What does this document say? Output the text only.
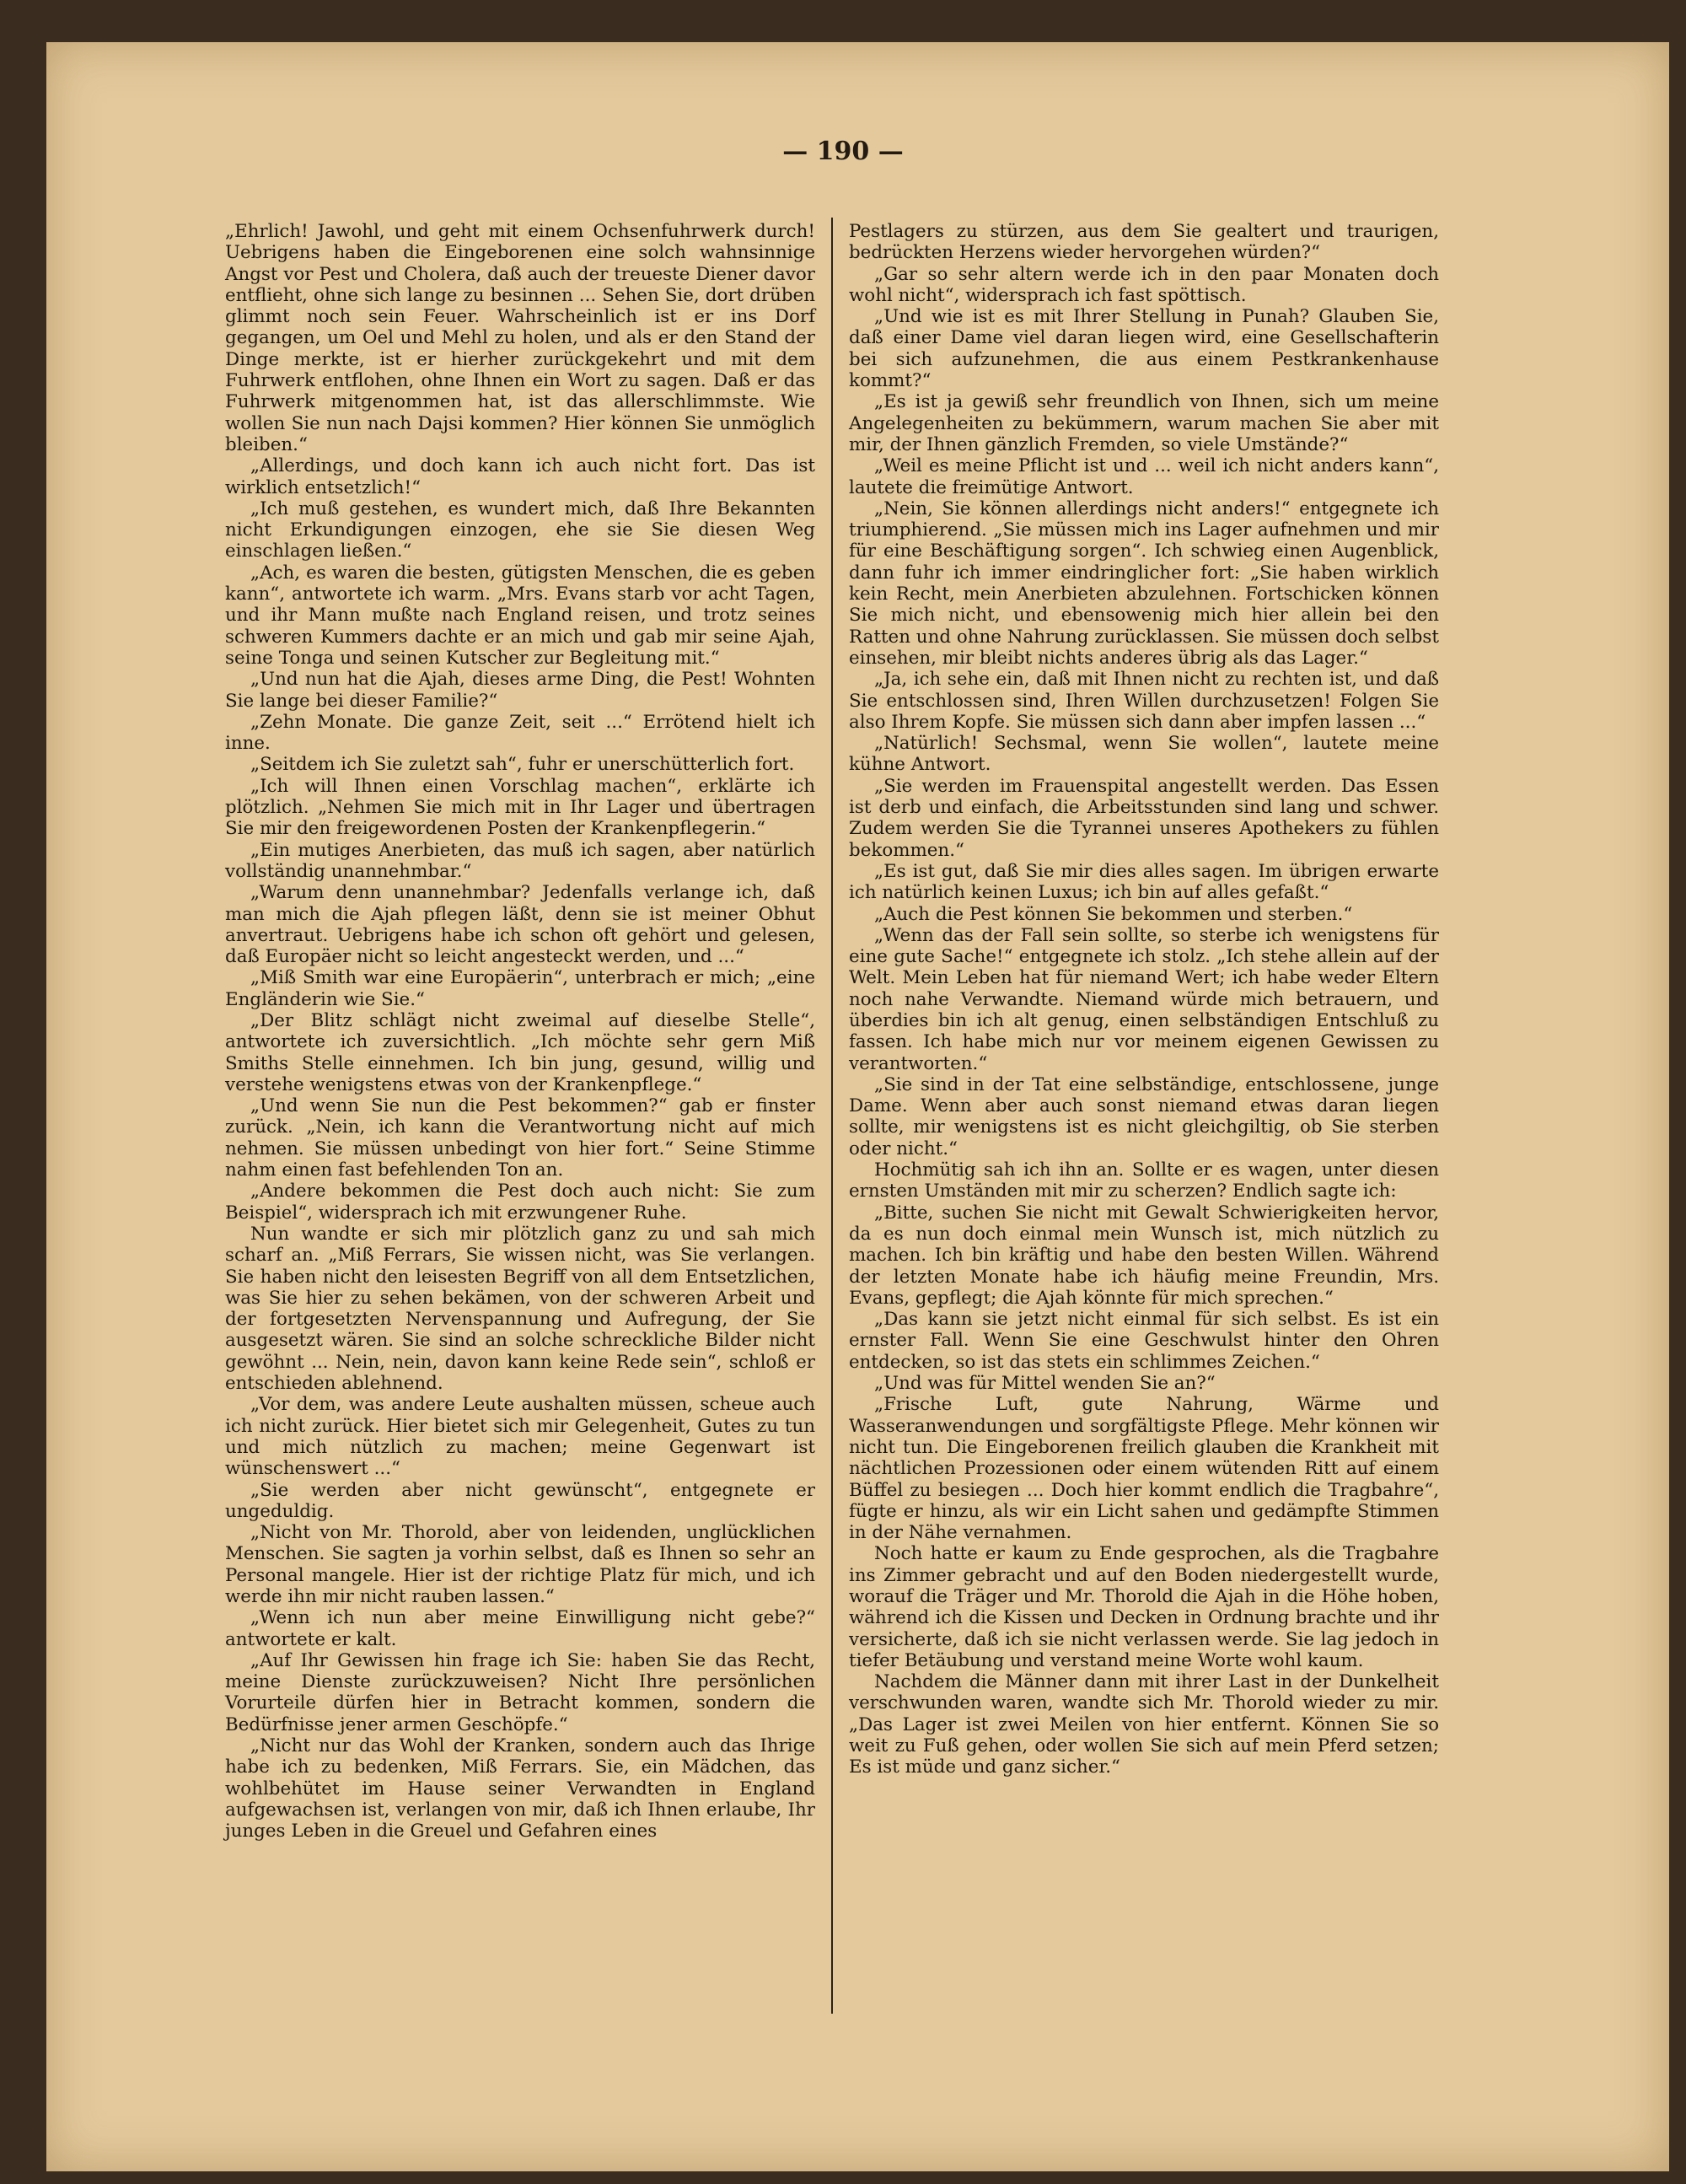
— 190 —

„Ehrlich! Jawohl, und geht mit einem Ochsenfuhrwerk durch! Uebrigens haben die Eingeborenen eine solch wahnsinnige Angst vor Pest und Cholera, daß auch der treueste Diener davor entflieht, ohne sich lange zu besinnen ... Sehen Sie, dort drüben glimmt noch sein Feuer. Wahrscheinlich ist er ins Dorf gegangen, um Oel und Mehl zu holen, und als er den Stand der Dinge merkte, ist er hierher zurückgekehrt und mit dem Fuhrwerk entflohen, ohne Ihnen ein Wort zu sagen. Daß er das Fuhrwerk mitgenommen hat, ist das allerschlimmste. Wie wollen Sie nun nach Dajsi kommen? Hier können Sie unmöglich bleiben.“

„Allerdings, und doch kann ich auch nicht fort. Das ist wirklich entsetzlich!“

„Ich muß gestehen, es wundert mich, daß Ihre Bekannten nicht Erkundigungen einzogen, ehe sie Sie diesen Weg einschlagen ließen.“

„Ach, es waren die besten, gütigsten Menschen, die es geben kann“, antwortete ich warm. „Mrs. Evans starb vor acht Tagen, und ihr Mann mußte nach England reisen, und trotz seines schweren Kummers dachte er an mich und gab mir seine Ajah, seine Tonga und seinen Kutscher zur Begleitung mit.“

„Und nun hat die Ajah, dieses arme Ding, die Pest! Wohnten Sie lange bei dieser Familie?“

„Zehn Monate. Die ganze Zeit, seit ...“ Errötend hielt ich inne.

„Seitdem ich Sie zuletzt sah“, fuhr er unerschütterlich fort.

„Ich will Ihnen einen Vorschlag machen“, erklärte ich plötzlich. „Nehmen Sie mich mit in Ihr Lager und übertragen Sie mir den freigewordenen Posten der Krankenpflegerin.“

„Ein mutiges Anerbieten, das muß ich sagen, aber natürlich vollständig unannehmbar.“

„Warum denn unannehmbar? Jedenfalls verlange ich, daß man mich die Ajah pflegen läßt, denn sie ist meiner Obhut anvertraut. Uebrigens habe ich schon oft gehört und gelesen, daß Europäer nicht so leicht angesteckt werden, und ...“

„Miß Smith war eine Europäerin“, unterbrach er mich; „eine Engländerin wie Sie.“

„Der Blitz schlägt nicht zweimal auf dieselbe Stelle“, antwortete ich zuversichtlich. „Ich möchte sehr gern Miß Smiths Stelle einnehmen. Ich bin jung, gesund, willig und verstehe wenigstens etwas von der Krankenpflege.“

„Und wenn Sie nun die Pest bekommen?“ gab er finster zurück. „Nein, ich kann die Verantwortung nicht auf mich nehmen. Sie müssen unbedingt von hier fort.“ Seine Stimme nahm einen fast befehlenden Ton an.

„Andere bekommen die Pest doch auch nicht: Sie zum Beispiel“, widersprach ich mit erzwungener Ruhe.

Nun wandte er sich mir plötzlich ganz zu und sah mich scharf an. „Miß Ferrars, Sie wissen nicht, was Sie verlangen. Sie haben nicht den leisesten Begriff von all dem Entsetzlichen, was Sie hier zu sehen bekämen, von der schweren Arbeit und der fortgesetzten Nervenspannung und Aufregung, der Sie ausgesetzt wären. Sie sind an solche schreckliche Bilder nicht gewöhnt ... Nein, nein, davon kann keine Rede sein“, schloß er entschieden ablehnend.

„Vor dem, was andere Leute aushalten müssen, scheue auch ich nicht zurück. Hier bietet sich mir Gelegenheit, Gutes zu tun und mich nützlich zu machen; meine Gegenwart ist wünschenswert ...“

„Sie werden aber nicht gewünscht“, entgegnete er ungeduldig.

„Nicht von Mr. Thorold, aber von leidenden, unglücklichen Menschen. Sie sagten ja vorhin selbst, daß es Ihnen so sehr an Personal mangele. Hier ist der richtige Platz für mich, und ich werde ihn mir nicht rauben lassen.“

„Wenn ich nun aber meine Einwilligung nicht gebe?“ antwortete er kalt.

„Auf Ihr Gewissen hin frage ich Sie: haben Sie das Recht, meine Dienste zurückzuweisen? Nicht Ihre persönlichen Vorurteile dürfen hier in Betracht kommen, sondern die Bedürfnisse jener armen Geschöpfe.“

„Nicht nur das Wohl der Kranken, sondern auch das Ihrige habe ich zu bedenken, Miß Ferrars. Sie, ein Mädchen, das wohlbehütet im Hause seiner Verwandten in England aufgewachsen ist, verlangen von mir, daß ich Ihnen erlaube, Ihr junges Leben in die Greuel und Gefahren eines

Pestlagers zu stürzen, aus dem Sie gealtert und traurigen, bedrückten Herzens wieder hervorgehen würden?“

„Gar so sehr altern werde ich in den paar Monaten doch wohl nicht“, widersprach ich fast spöttisch.

„Und wie ist es mit Ihrer Stellung in Punah? Glauben Sie, daß einer Dame viel daran liegen wird, eine Gesellschafterin bei sich aufzunehmen, die aus einem Pestkrankenhause kommt?“

„Es ist ja gewiß sehr freundlich von Ihnen, sich um meine Angelegenheiten zu bekümmern, warum machen Sie aber mit mir, der Ihnen gänzlich Fremden, so viele Umstände?“

„Weil es meine Pflicht ist und ... weil ich nicht anders kann“, lautete die freimütige Antwort.

„Nein, Sie können allerdings nicht anders!“ entgegnete ich triumphierend. „Sie müssen mich ins Lager aufnehmen und mir für eine Beschäftigung sorgen“. Ich schwieg einen Augenblick, dann fuhr ich immer eindringlicher fort: „Sie haben wirklich kein Recht, mein Anerbieten abzulehnen. Fortschicken können Sie mich nicht, und ebensowenig mich hier allein bei den Ratten und ohne Nahrung zurücklassen. Sie müssen doch selbst einsehen, mir bleibt nichts anderes übrig als das Lager.“

„Ja, ich sehe ein, daß mit Ihnen nicht zu rechten ist, und daß Sie entschlossen sind, Ihren Willen durchzusetzen! Folgen Sie also Ihrem Kopfe. Sie müssen sich dann aber impfen lassen ...“

„Natürlich! Sechsmal, wenn Sie wollen“, lautete meine kühne Antwort.

„Sie werden im Frauenspital angestellt werden. Das Essen ist derb und einfach, die Arbeitsstunden sind lang und schwer. Zudem werden Sie die Tyrannei unseres Apothekers zu fühlen bekommen.“

„Es ist gut, daß Sie mir dies alles sagen. Im übrigen erwarte ich natürlich keinen Luxus; ich bin auf alles gefaßt.“

„Auch die Pest können Sie bekommen und sterben.“

„Wenn das der Fall sein sollte, so sterbe ich wenigstens für eine gute Sache!“ entgegnete ich stolz. „Ich stehe allein auf der Welt. Mein Leben hat für niemand Wert; ich habe weder Eltern noch nahe Verwandte. Niemand würde mich betrauern, und überdies bin ich alt genug, einen selbständigen Entschluß zu fassen. Ich habe mich nur vor meinem eigenen Gewissen zu verantworten.“

„Sie sind in der Tat eine selbständige, entschlossene, junge Dame. Wenn aber auch sonst niemand etwas daran liegen sollte, mir wenigstens ist es nicht gleichgiltig, ob Sie sterben oder nicht.“

Hochmütig sah ich ihn an. Sollte er es wagen, unter diesen ernsten Umständen mit mir zu scherzen? Endlich sagte ich:

„Bitte, suchen Sie nicht mit Gewalt Schwierigkeiten hervor, da es nun doch einmal mein Wunsch ist, mich nützlich zu machen. Ich bin kräftig und habe den besten Willen. Während der letzten Monate habe ich häufig meine Freundin, Mrs. Evans, gepflegt; die Ajah könnte für mich sprechen.“

„Das kann sie jetzt nicht einmal für sich selbst. Es ist ein ernster Fall. Wenn Sie eine Geschwulst hinter den Ohren entdecken, so ist das stets ein schlimmes Zeichen.“

„Und was für Mittel wenden Sie an?“

„Frische Luft, gute Nahrung, Wärme und Wasseranwendungen und sorgfältigste Pflege. Mehr können wir nicht tun. Die Eingeborenen freilich glauben die Krankheit mit nächtlichen Prozessionen oder einem wütenden Ritt auf einem Büffel zu besiegen ... Doch hier kommt endlich die Tragbahre“, fügte er hinzu, als wir ein Licht sahen und gedämpfte Stimmen in der Nähe vernahmen.

Noch hatte er kaum zu Ende gesprochen, als die Tragbahre ins Zimmer gebracht und auf den Boden niedergestellt wurde, worauf die Träger und Mr. Thorold die Ajah in die Höhe hoben, während ich die Kissen und Decken in Ordnung brachte und ihr versicherte, daß ich sie nicht verlassen werde. Sie lag jedoch in tiefer Betäubung und verstand meine Worte wohl kaum.

Nachdem die Männer dann mit ihrer Last in der Dunkelheit verschwunden waren, wandte sich Mr. Thorold wieder zu mir. „Das Lager ist zwei Meilen von hier entfernt. Können Sie so weit zu Fuß gehen, oder wollen Sie sich auf mein Pferd setzen; Es ist müde und ganz sicher.“
